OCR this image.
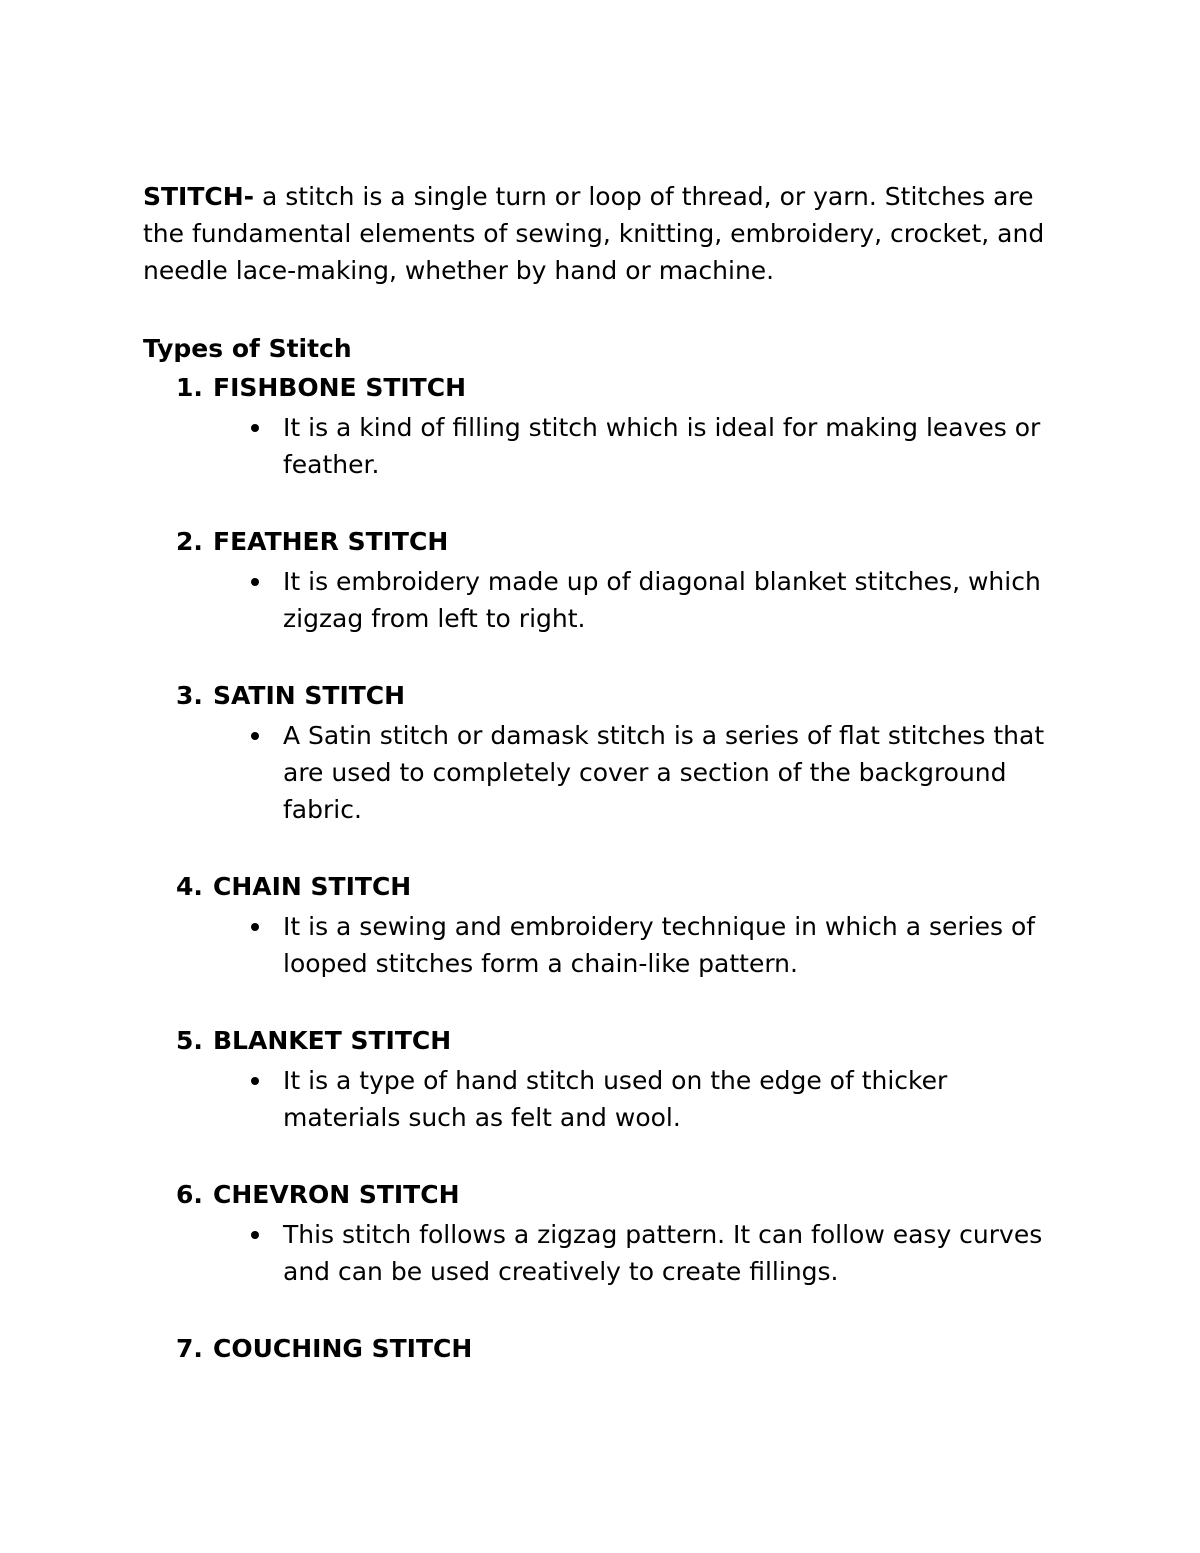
STITCH- a stitch is a single turn or loop of thread, or yarn. Stitches are the fundamental elements of sewing, knitting, embroidery, crocket, and needle lace-making, whether by hand or machine.

Types of Stitch
1. FISHBONE STITCH

It is a kind of filling stitch which is ideal for making leaves or feather.

2. FEATHER STITCH

It is embroidery made up of diagonal blanket stitches, which zigzag from left to right.

3. SATIN STITCH

A Satin stitch or damask stitch is a series of flat stitches that are used to completely cover a section of the background fabric.

4. CHAIN STITCH

It is a sewing and embroidery technique in which a series of looped stitches form a chain-like pattern.

5. BLANKET STITCH

It is a type of hand stitch used on the edge of thicker materials such as felt and wool.

6. CHEVRON STITCH

This stitch follows a zigzag pattern. It can follow easy curves and can be used creatively to create fillings.

7. COUCHING STITCH
